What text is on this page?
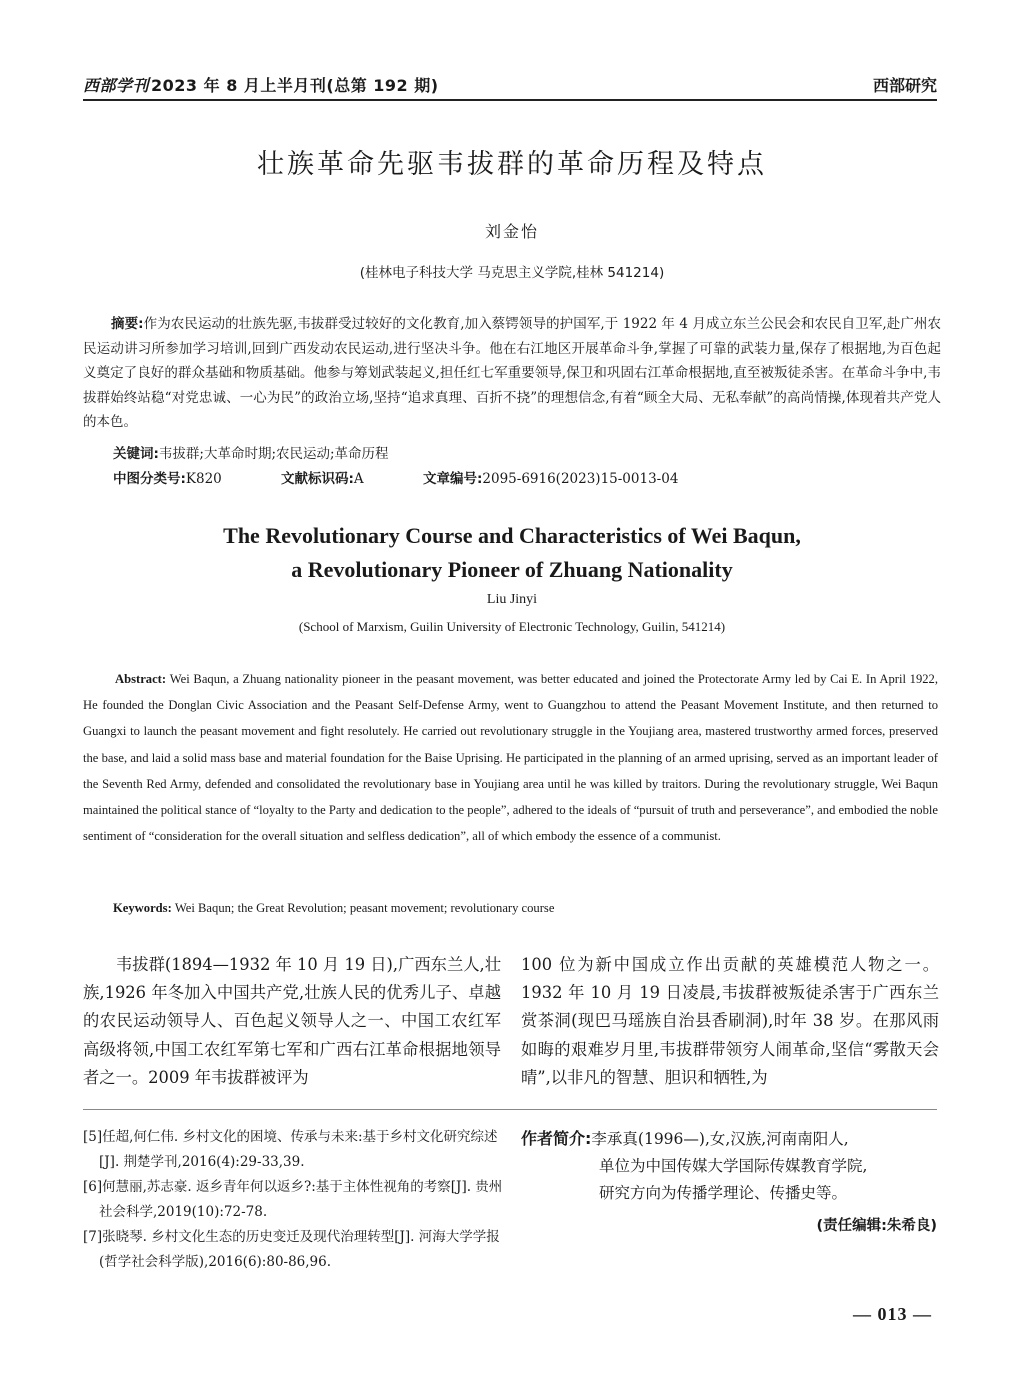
西部学刊 2023 年 8 月上半月刊(总第 192 期)	西部研究
壮族革命先驱韦拔群的革命历程及特点
刘金怡
(桂林电子科技大学 马克思主义学院,桂林 541214)
摘要:作为农民运动的壮族先驱,韦拔群受过较好的文化教育,加入蔡锷领导的护国军,于 1922 年 4 月成立东兰公民会和农民自卫军,赴广州农民运动讲习所参加学习培训,回到广西发动农民运动,进行坚决斗争。他在右江地区开展革命斗争,掌握了可靠的武装力量,保存了根据地,为百色起义奠定了良好的群众基础和物质基础。他参与筹划武装起义,担任红七军重要领导,保卫和巩固右江革命根据地,直至被叛徒杀害。在革命斗争中,韦拔群始终站稳“对党忠诚、一心为民”的政治立场,坚持“追求真理、百折不挠”的理想信念,有着“顾全大局、无私奉献”的高尚情操,体现着共产党人的本色。
关键词:韦拔群;大革命时期;农民运动;革命历程
中图分类号:K820	文献标识码:A	文章编号:2095-6916(2023)15-0013-04
The Revolutionary Course and Characteristics of Wei Baqun,
a Revolutionary Pioneer of Zhuang Nationality
Liu Jinyi
(School of Marxism, Guilin University of Electronic Technology, Guilin, 541214)
Abstract: Wei Baqun, a Zhuang nationality pioneer in the peasant movement, was better educated and joined the Protectorate Army led by Cai E. In April 1922, He founded the Donglan Civic Association and the Peasant Self-Defense Army, went to Guangzhou to attend the Peasant Movement Institute, and then returned to Guangxi to launch the peasant movement and fight resolutely. He carried out revolutionary struggle in the Youjiang area, mastered trustworthy armed forces, preserved the base, and laid a solid mass base and material foundation for the Baise Uprising. He participated in the planning of an armed uprising, served as an important leader of the Seventh Red Army, defended and consolidated the revolutionary base in Youjiang area until he was killed by traitors. During the revolutionary struggle, Wei Baqun maintained the political stance of “loyalty to the Party and dedication to the people”, adhered to the ideals of “pursuit of truth and perseverance”, and embodied the noble sentiment of “consideration for the overall situation and selfless dedication”, all of which embody the essence of a communist.
Keywords: Wei Baqun; the Great Revolution; peasant movement; revolutionary course
韦拔群(1894—1932 年 10 月 19 日),广西东兰人,壮族,1926 年冬加入中国共产党,壮族人民的优秀儿子、卓越的农民运动领导人、百色起义领导人之一、中国工农红军高级将领,中国工农红军第七军和广西右江革命根据地领导者之一。2009 年韦拔群被评为
100 位为新中国成立作出贡献的英雄模范人物之一。1932 年 10 月 19 日凌晨,韦拔群被叛徒杀害于广西东兰赏茶洞(现巴马瑶族自治县香刷洞),时年 38 岁。在那风雨如晦的艰难岁月里,韦拔群带领穷人闹革命,坚信“雾散天会晴”,以非凡的智慧、胆识和牺牲,为

[5]任超,何仁伟. 乡村文化的困境、传承与未来:基于乡村文化研究综述[J]. 荆楚学刊,2016(4):29-33,39.

[6]何慧丽,苏志豪. 返乡青年何以返乡?:基于主体性视角的考察[J]. 贵州社会科学,2019(10):72-78.

[7]张晓琴. 乡村文化生态的历史变迁及现代治理转型[J]. 河海大学学报(哲学社会科学版),2016(6):80-86,96.

作者简介:李承真(1996—),女,汉族,河南南阳人,
单位为中国传媒大学国际传媒教育学院,
研究方向为传播学理论、传播史等。
(责任编辑:朱希良)
— 013 —
